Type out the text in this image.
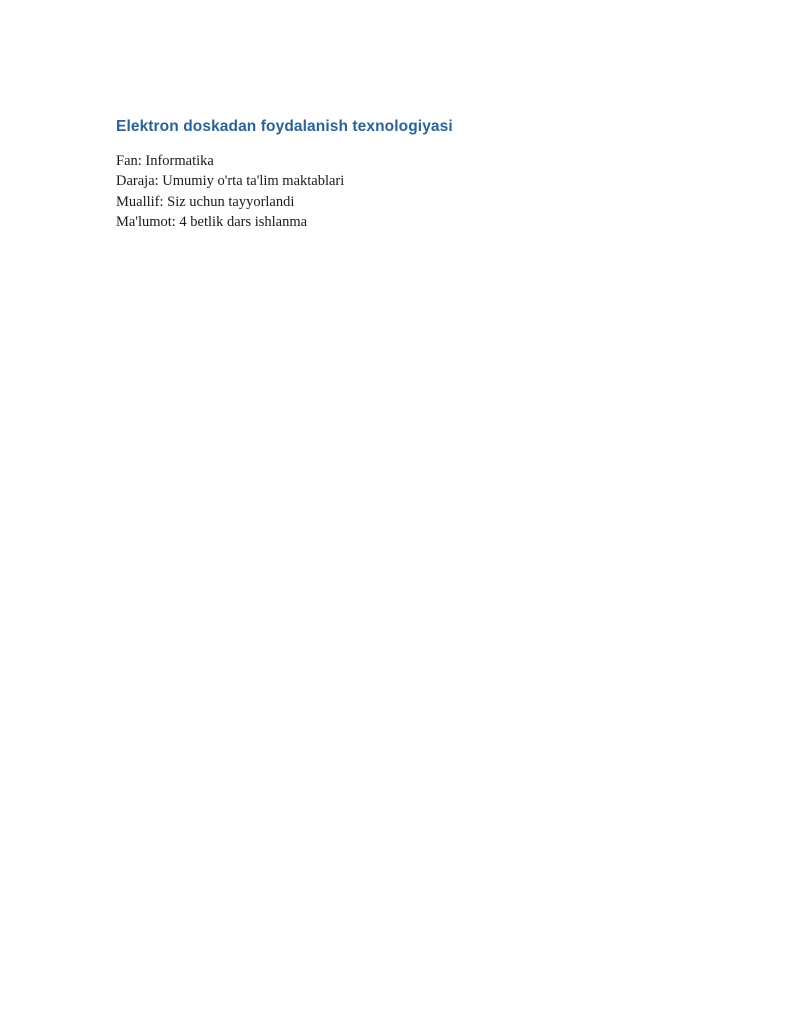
Elektron doskadan foydalanish texnologiyasi

Fan: Informatika

Daraja: Umumiy o'rta ta'lim maktablari

Muallif: Siz uchun tayyorlandi

Ma'lumot: 4 betlik dars ishlanma
